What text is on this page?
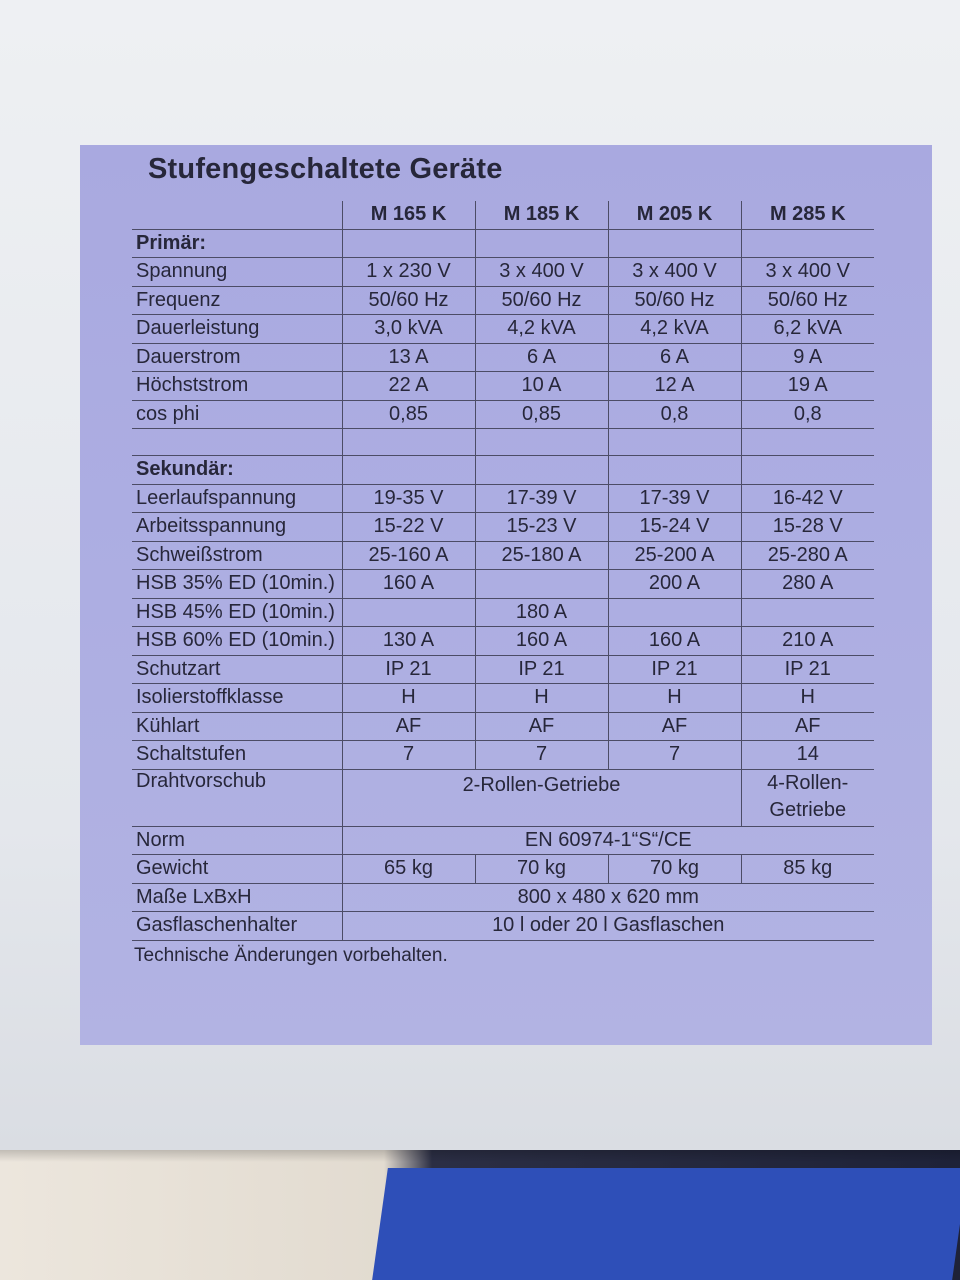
Stufengeschaltete Geräte
	M 165 K	M 185 K	M 205 K	M 285 K
Primär:				
Spannung	1 x 230 V	3 x 400 V	3 x 400 V	3 x 400 V
Frequenz	50/60 Hz	50/60 Hz	50/60 Hz	50/60 Hz
Dauerleistung	3,0 kVA	4,2 kVA	4,2 kVA	6,2 kVA
Dauerstrom	13 A	6 A	6 A	9 A
Höchststrom	22 A	10 A	12 A	19 A
cos phi	0,85	0,85	0,8	0,8

Sekundär:				
Leerlaufspannung	19-35 V	17-39 V	17-39 V	16-42 V
Arbeitsspannung	15-22 V	15-23 V	15-24 V	15-28 V
Schweißstrom	25-160 A	25-180 A	25-200 A	25-280 A
HSB 35% ED (10min.)	160 A		200 A	280 A
HSB 45% ED (10min.)		180 A		
HSB 60% ED (10min.)	130 A	160 A	160 A	210 A
Schutzart	IP 21	IP 21	IP 21	IP 21
Isolierstoffklasse	H	H	H	H
Kühlart	AF	AF	AF	AF
Schaltstufen	7	7	7	14
Drahtvorschub	2-Rollen-Getriebe			4-Rollen-Getriebe
Norm	EN 60974-1“S“/CE			
Gewicht	65 kg	70 kg	70 kg	85 kg
Maße LxBxH	800 x 480 x 620 mm			
Gasflaschenhalter	10 l oder 20 l Gasflaschen			
Technische Änderungen vorbehalten.
